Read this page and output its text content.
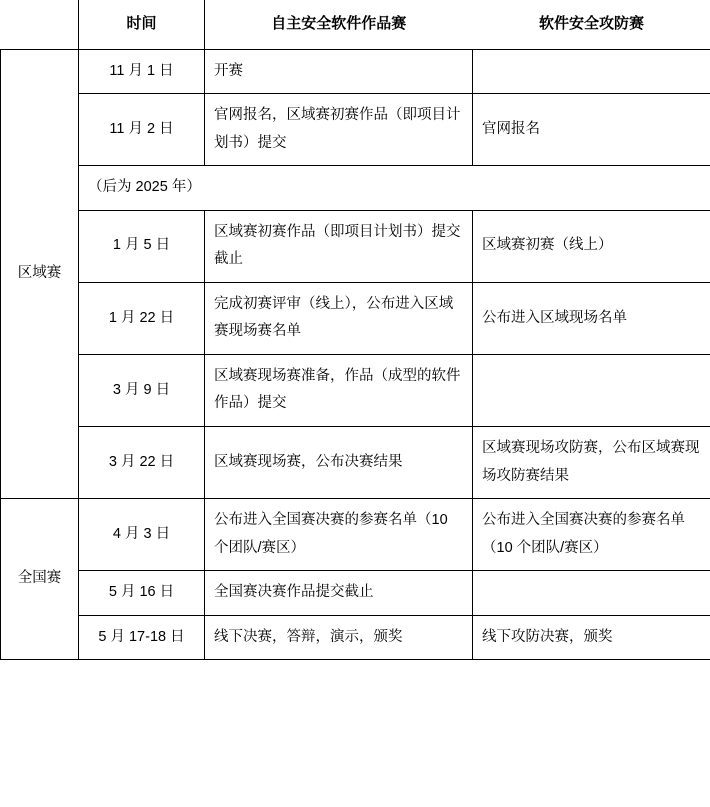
	时间	自主安全软件作品赛	软件安全攻防赛
区域赛	11 月 1 日	开赛	
	11 月 2 日	官网报名，区域赛初赛作品（即项目计划书）提交	官网报名
	（后为 2025 年）		
	1 月 5 日	区域赛初赛作品（即项目计划书）提交截止	区域赛初赛（线上）
	1 月 22 日	完成初赛评审（线上），公布进入区域赛现场赛名单	公布进入区域现场名单
	3 月 9 日	区域赛现场赛准备，作品（成型的软件作品）提交	
	3 月 22 日	区域赛现场赛，公布决赛结果	区域赛现场攻防赛，公布区域赛现场攻防赛结果
全国赛	4 月 3 日	公布进入全国赛决赛的参赛名单（10 个团队/赛区）	公布进入全国赛决赛的参赛名单（10 个团队/赛区）
	5 月 16 日	全国赛决赛作品提交截止	
	5 月 17-18 日	线下决赛，答辩，演示，颁奖	线下攻防决赛，颁奖
